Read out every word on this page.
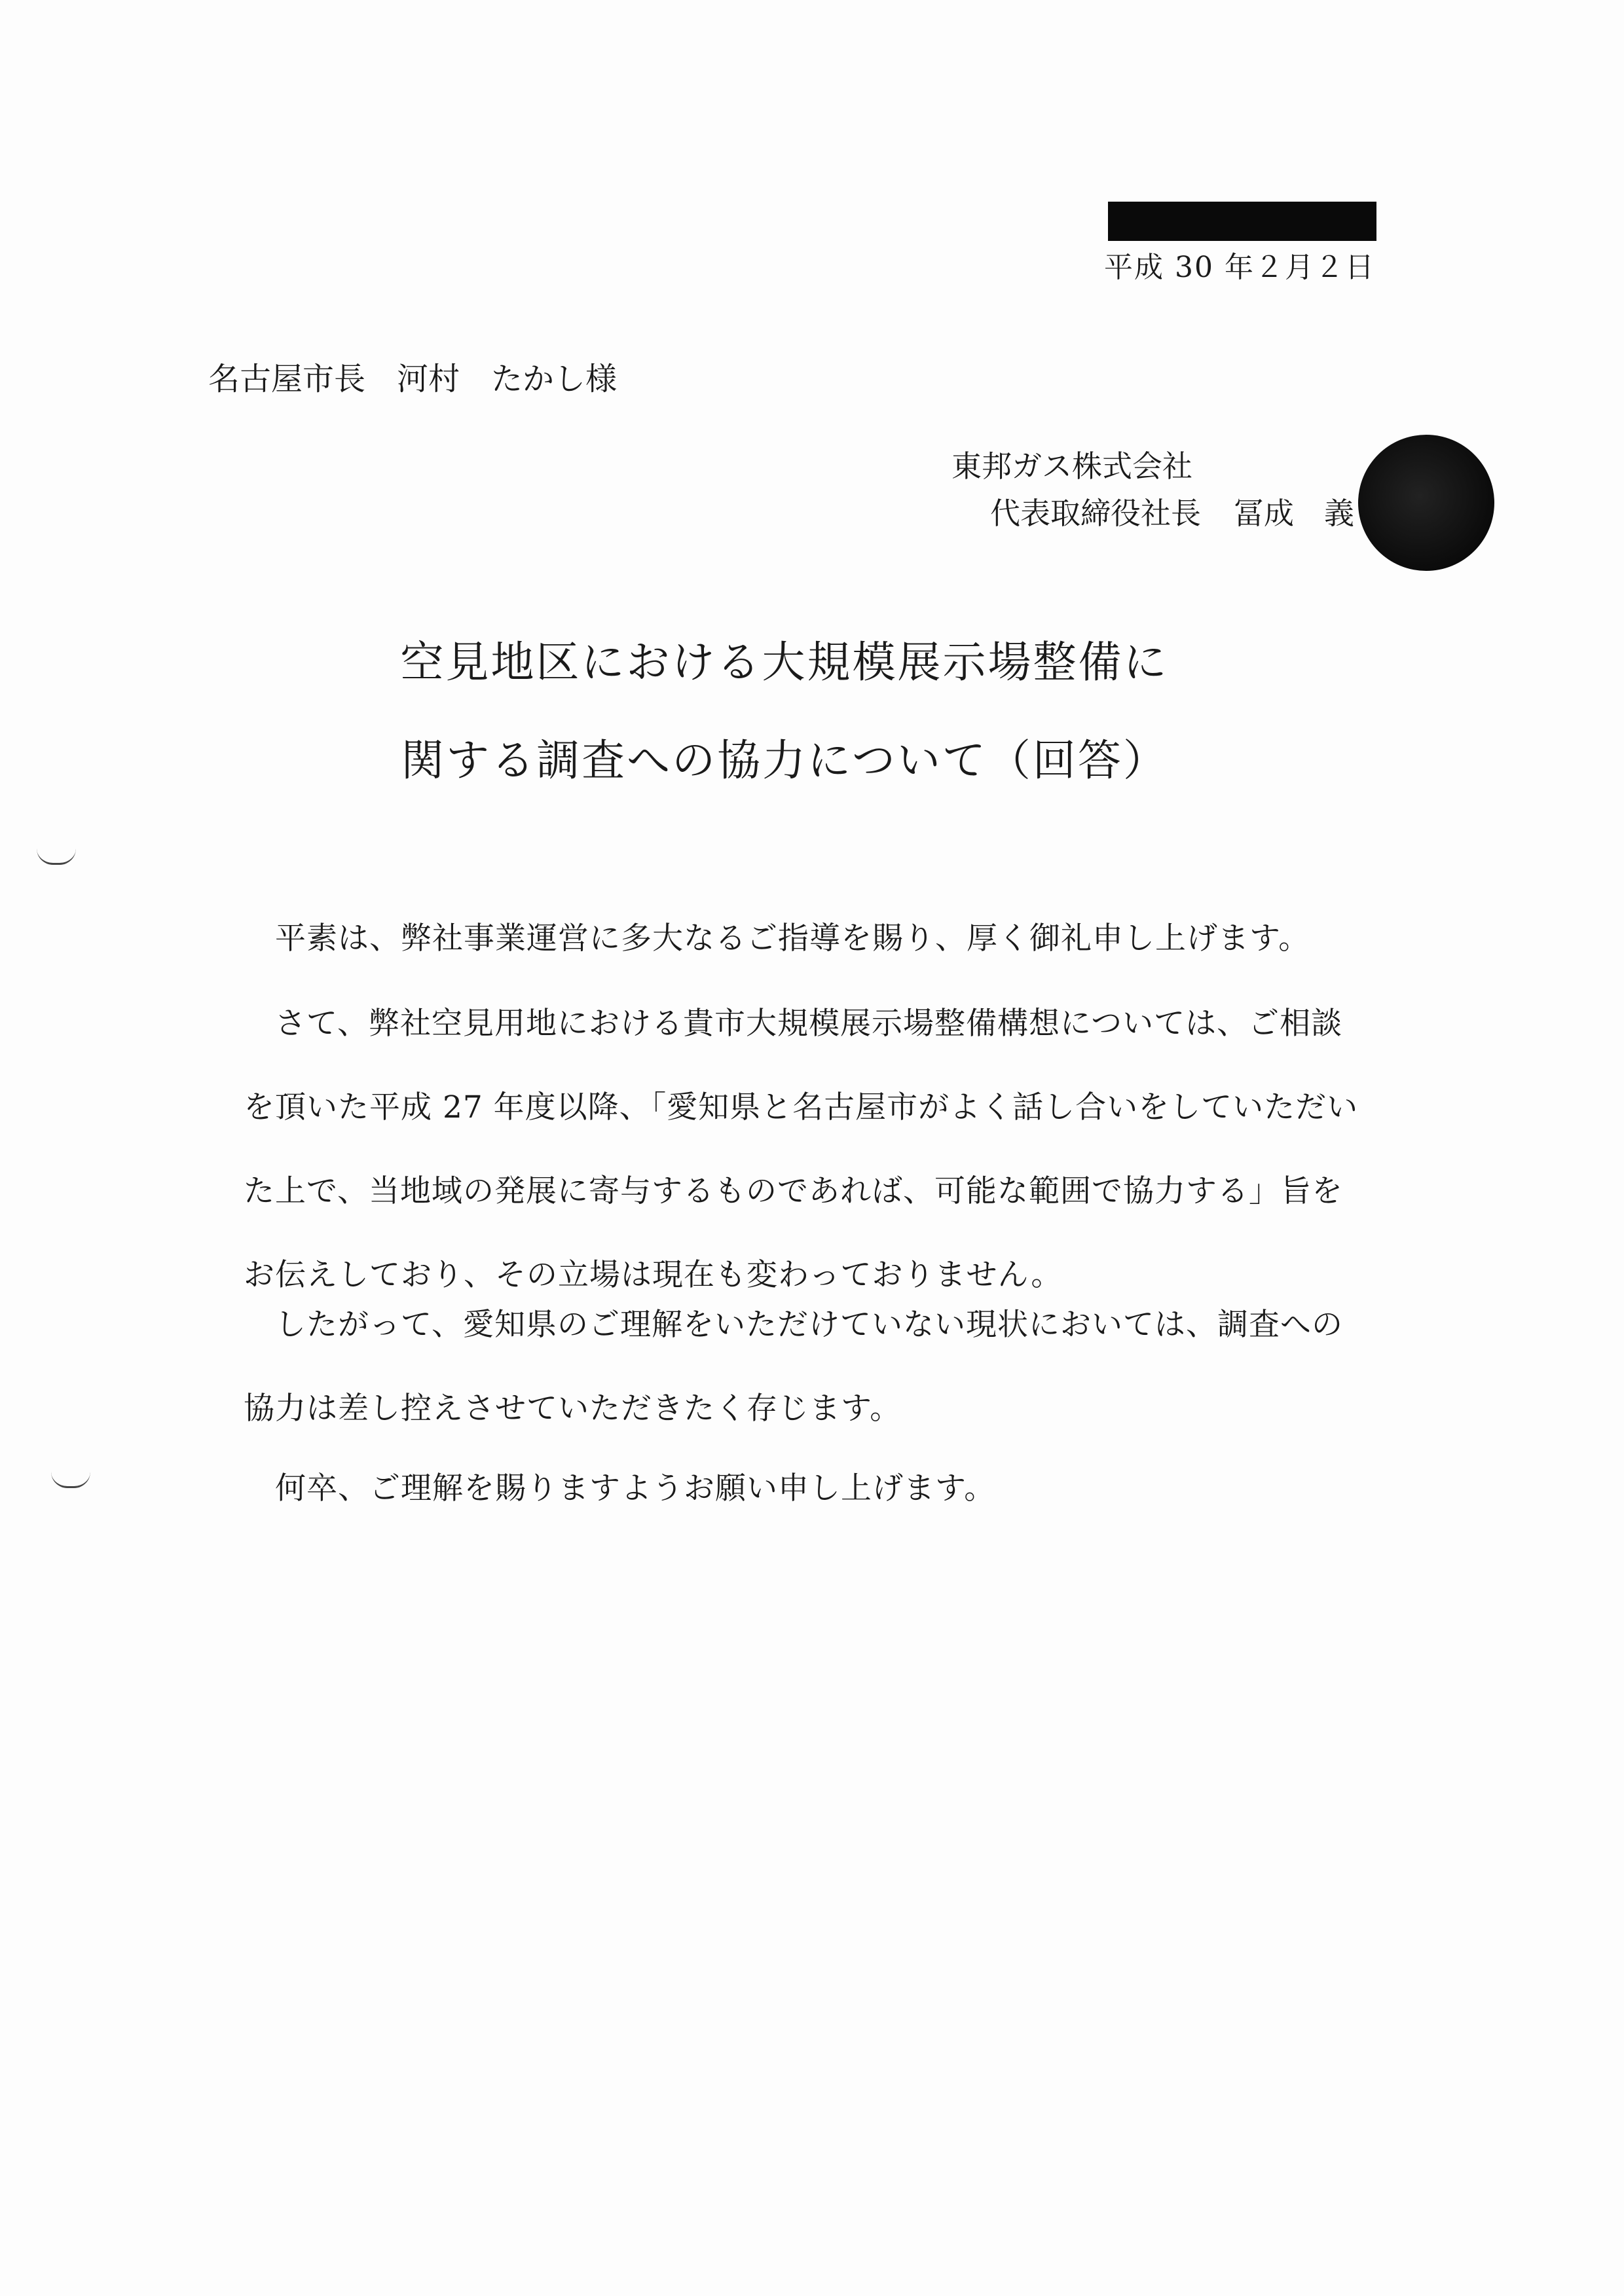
平成 30 年２月２日
名古屋市長 河村 たかし様
東邦ガス株式会社
代表取締役社長 冨成　義
空見地区における大規模展示場整備に
関する調査への協力について（回答）
平素は、弊社事業運営に多大なるご指導を賜り、厚く御礼申し上げます。
さて、弊社空見用地における貴市大規模展示場整備構想については、ご相談
を頂いた平成 27 年度以降、「愛知県と名古屋市がよく話し合いをしていただい
た上で、当地域の発展に寄与するものであれば、可能な範囲で協力する」旨を
お伝えしており、その立場は現在も変わっておりません。
したがって、愛知県のご理解をいただけていない現状においては、調査への
協力は差し控えさせていただきたく存じます。
何卒、ご理解を賜りますようお願い申し上げます。
